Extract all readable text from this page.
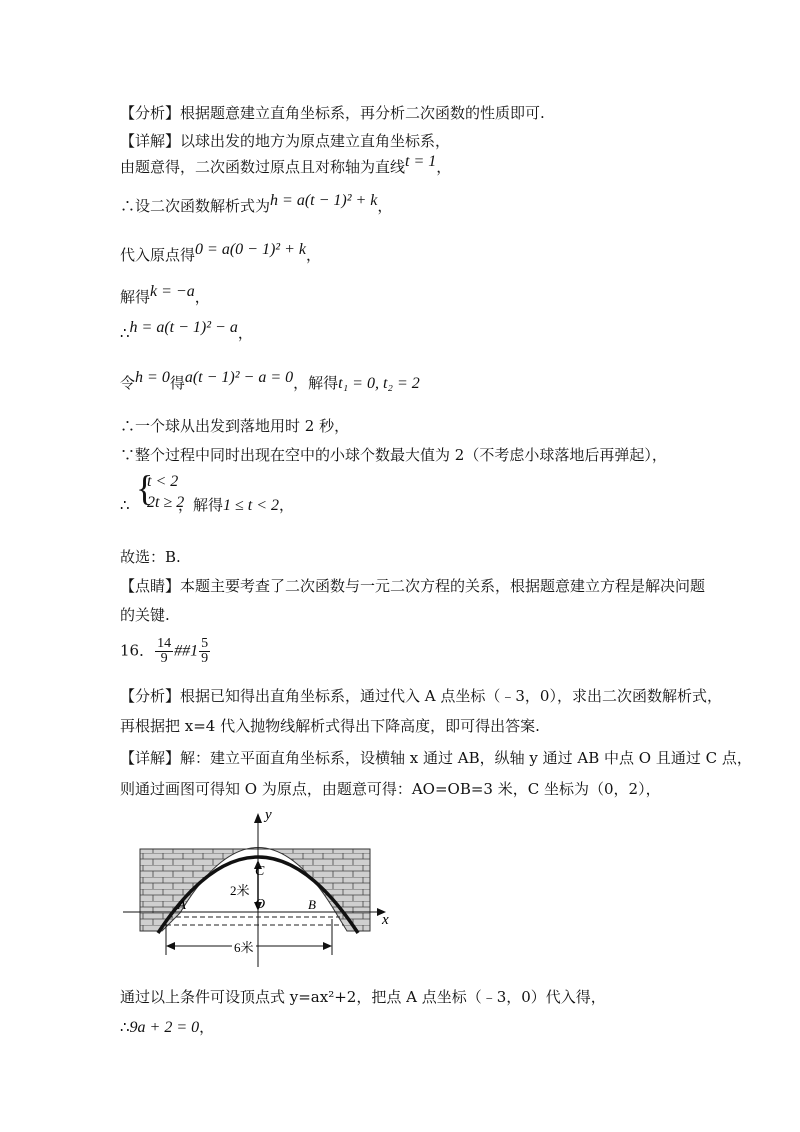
【分析】根据题意建立直角坐标系，再分析二次函数的性质即可.
【详解】以球出发的地方为原点建立直角坐标系，
由题意得，二次函数过原点且对称轴为直线t = 1，
∴设二次函数解析式为h = a(t − 1)² + k，
代入原点得0 = a(0 − 1)² + k，
解得k = −a，
∴h = a(t − 1)² − a，
令h = 0得a(t − 1)² − a = 0，解得t₁ = 0, t₂ = 2
∴一个球从出发到落地用时 2 秒，
∵整个过程中同时出现在空中的小球个数最大值为 2（不考虑小球落地后再弹起），
{
t < 2
2t ≥ 2
∴	，解得1 ≤ t < 2，
故选：B.
【点睛】本题主要考查了二次函数与一元二次方程的关系，根据题意建立方程是解决问题
的关键.
16． $\frac{14}{9}$ ##1 $\frac{5}{9}$
【分析】根据已知得出直角坐标系，通过代入 A 点坐标（﹣3，0），求出二次函数解析式，
再根据把 x=4 代入抛物线解析式得出下降高度，即可得出答案.
【详解】解：建立平面直角坐标系，设横轴 x 通过 AB，纵轴 y 通过 AB 中点 O 且通过 C 点，
则通过画图可得知 O 为原点，由题意可得：AO=OB=3 米，C 坐标为（0，2），
y
x
C
O
A	B
2米
6米
通过以上条件可设顶点式 y=ax²+2，把点 A 点坐标（﹣3，0）代入得，
∴9a + 2 = 0，
